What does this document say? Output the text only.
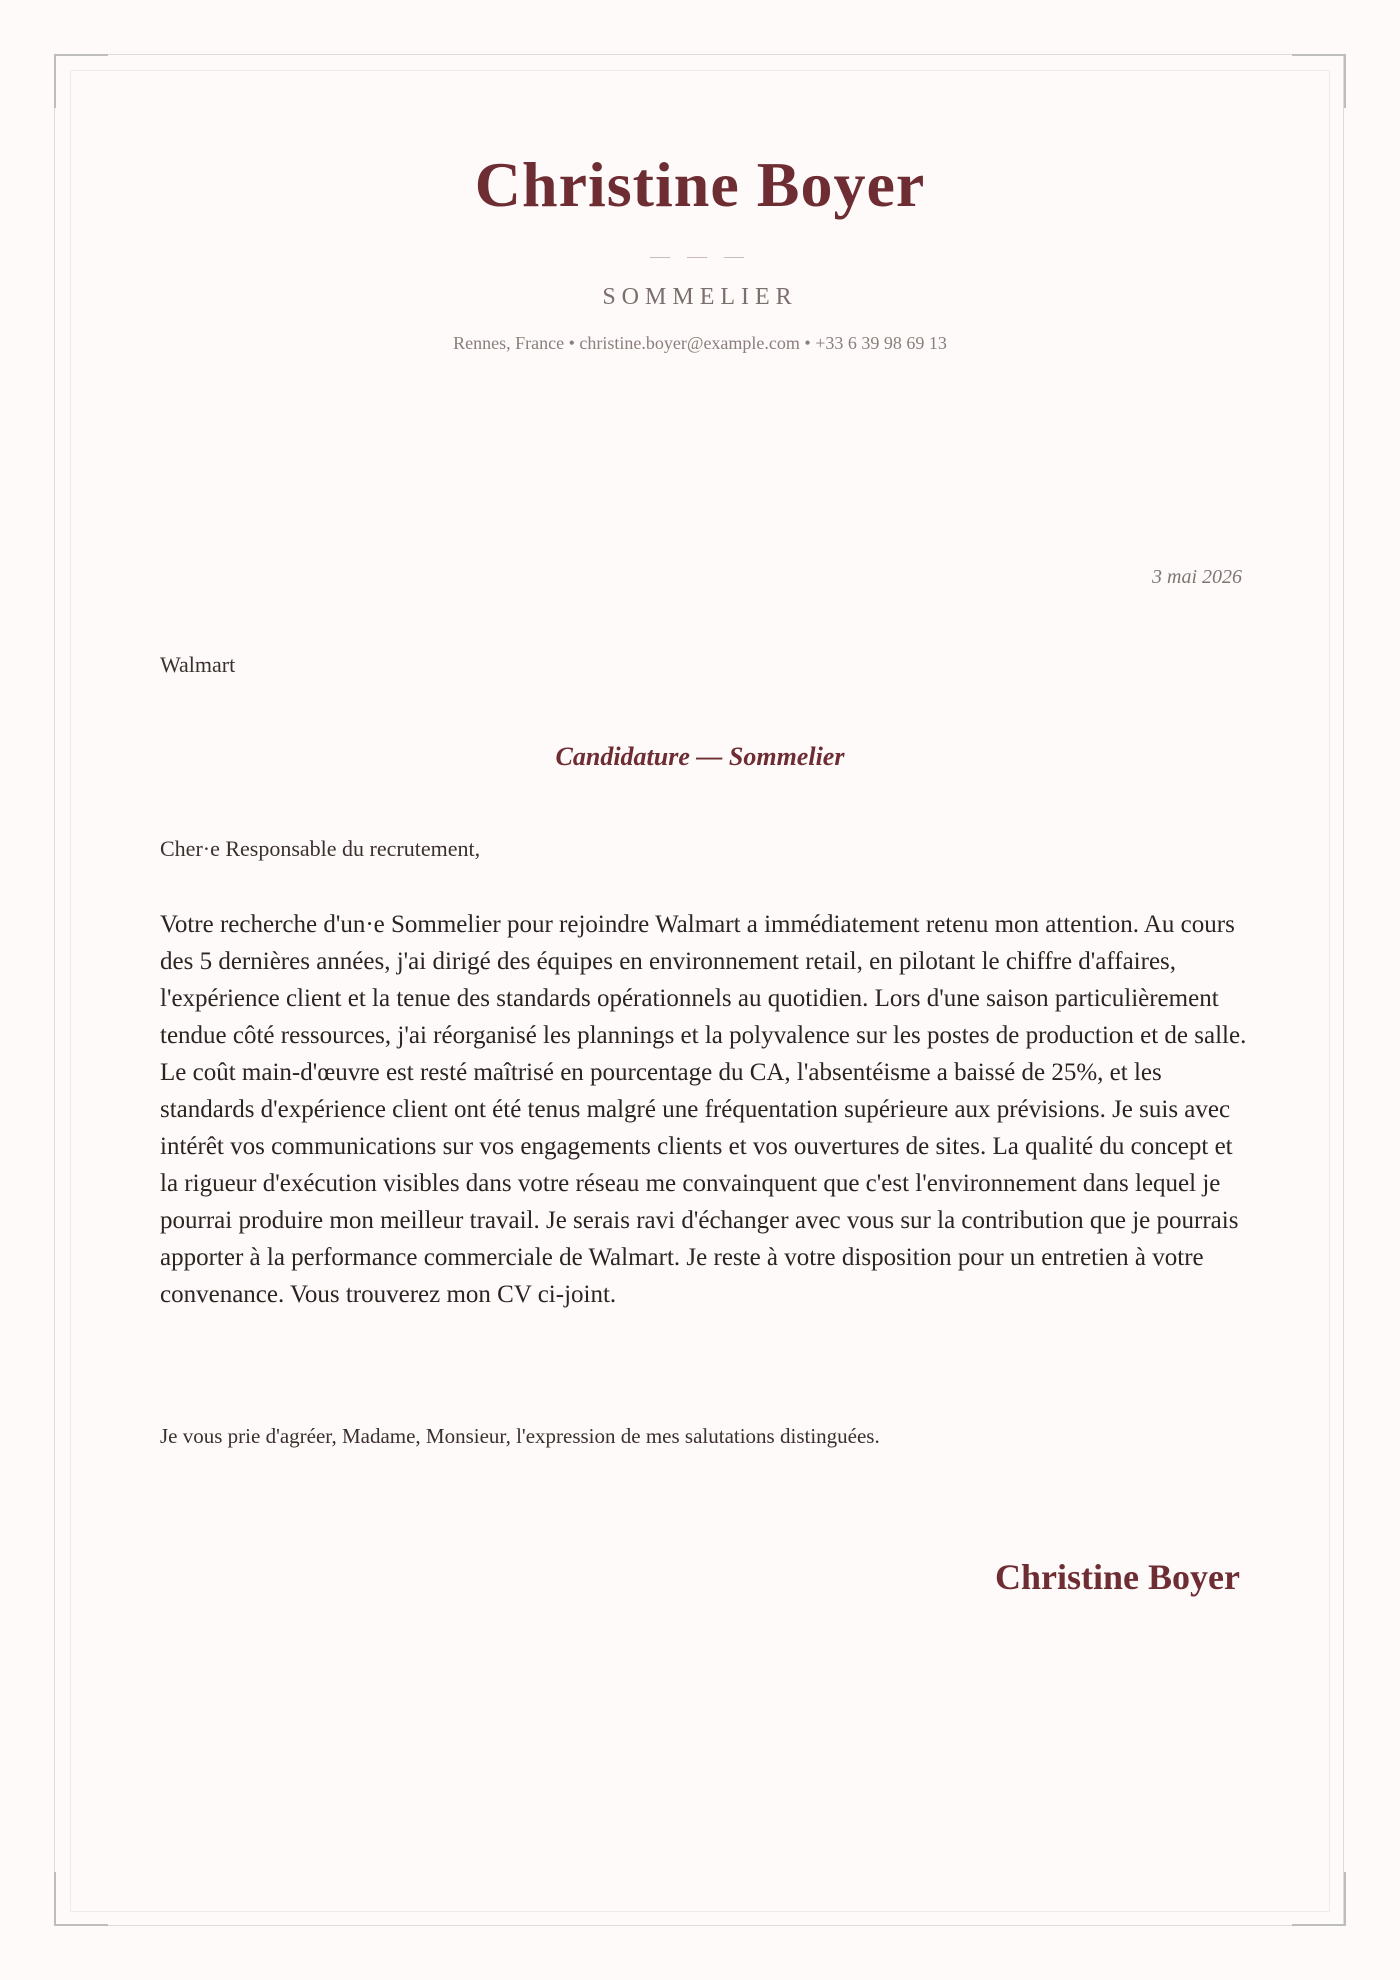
Christine Boyer
— — —
SOMMELIER
Rennes, France • christine.boyer@example.com • +33 6 39 98 69 13
3 mai 2026
Walmart
Candidature — Sommelier
Cher·e Responsable du recrutement,

Votre recherche d'un·e Sommelier pour rejoindre Walmart a immédiatement retenu mon attention. Au cours des 5 dernières années, j'ai dirigé des équipes en environnement retail, en pilotant le chiffre d'affaires, l'expérience client et la tenue des standards opérationnels au quotidien. Lors d'une saison particulièrement tendue côté ressources, j'ai réorganisé les plannings et la polyvalence sur les postes de production et de salle. Le coût main-d'œuvre est resté maîtrisé en pourcentage du CA, l'absentéisme a baissé de 25%, et les standards d'expérience client ont été tenus malgré une fréquentation supérieure aux prévisions. Je suis avec intérêt vos communications sur vos engagements clients et vos ouvertures de sites. La qualité du concept et la rigueur d'exécution visibles dans votre réseau me convainquent que c'est l'environnement dans lequel je pourrai produire mon meilleur travail. Je serais ravi d'échanger avec vous sur la contribution que je pourrais apporter à la performance commerciale de Walmart. Je reste à votre disposition pour un entretien à votre convenance. Vous trouverez mon CV ci-joint.

Je vous prie d'agréer, Madame, Monsieur, l'expression de mes salutations distinguées.
Christine Boyer
